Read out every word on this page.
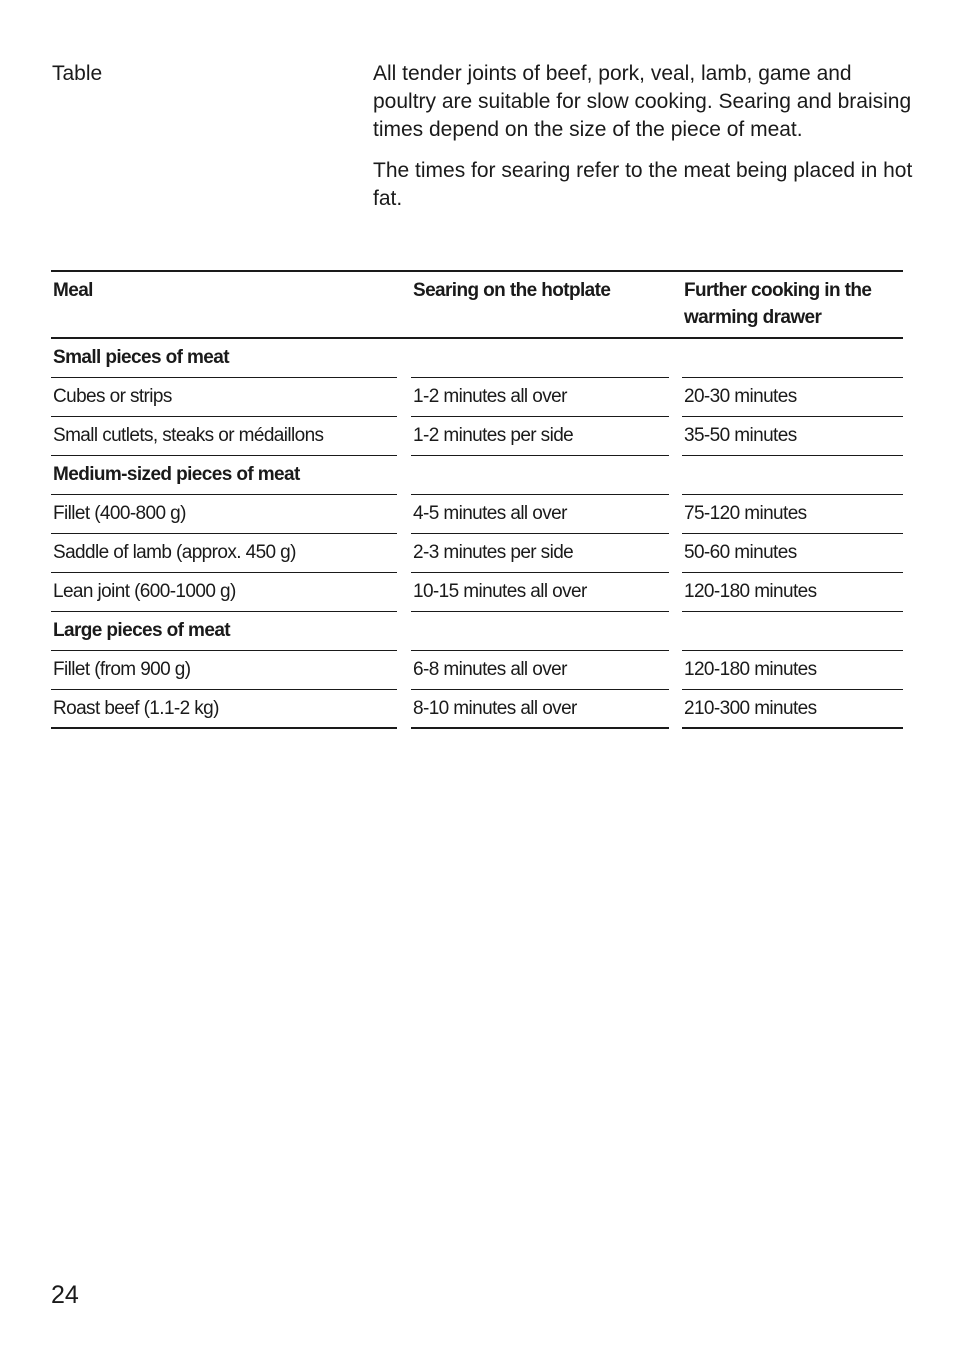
Table	All tender joints of beef, pork, veal, lamb, game and poultry are suitable for slow cooking. Searing and braising times depend on the size of the piece of meat.

The times for searing refer to the meat being placed in hot fat.

Meal	Searing on the hotplate	Further cooking in the warming drawer
Small pieces of meat
Cubes or strips	1-2 minutes all over	20-30 minutes
Small cutlets, steaks or médaillons	1-2 minutes per side	35-50 minutes
Medium-sized pieces of meat
Fillet (400-800 g)	4-5 minutes all over	75-120 minutes
Saddle of lamb (approx. 450 g)	2-3 minutes per side	50-60 minutes
Lean joint (600-1000 g)	10-15 minutes all over	120-180 minutes
Large pieces of meat
Fillet (from 900 g)	6-8 minutes all over	120-180 minutes
Roast beef (1.1-2 kg)	8-10 minutes all over	210-300 minutes
24
